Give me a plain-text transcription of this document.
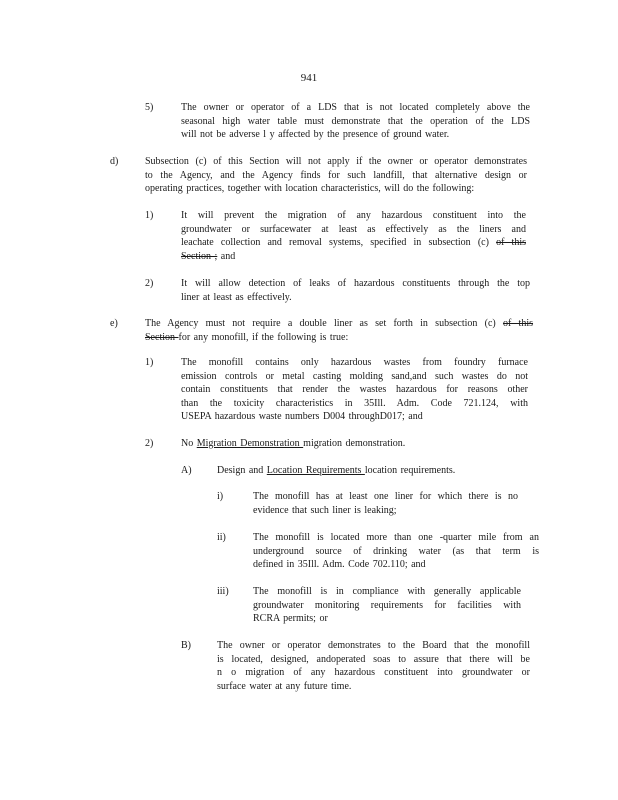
941
5)	The owner or operator of a LDS that is not located completely above the
seasonal high water table must demonstrate that the operation of the LDS
will not be adverse l y affected by the presence of ground water.
d)	Subsection (c) of this Section will not apply if the owner or operator demonstrates
to the Agency, and the Agency finds for such landfill, that alternative design or
operating practices, together with location characteristics, will do the following:
1)	It will prevent the migration of any hazardous constituent into the
groundwater or surfacewater at least as effectively as the liners and
leachate collection and removal systems, specified in subsection (c) of this
Section ; and
2)	It will allow detection of leaks of hazardous constituents through the top
liner at least as effectively.
e)	The Agency must not require a double liner as set forth in subsection (c) of this
Section for any monofill, if the following is true:
1)	The monofill contains only hazardous wastes from foundry furnace
emission controls or metal casting molding sand,and such wastes do not
contain constituents that render the wastes hazardous for reasons other
than the toxicity characteristics in 35Ill. Adm. Code 721.124, with
USEPA hazardous waste numbers D004 throughD017; and
2)	No Migration Demonstration migration demonstration.
A)	Design and Location Requirements location requirements.
i)	The monofill has at least one liner for which there is no
evidence that such liner is leaking;
ii)	The monofill is located more than one -quarter mile from an
underground source of drinking water (as that term is
defined in 35Ill. Adm. Code 702.110; and
iii) The monofill is in compliance with generally applicable
groundwater monitoring requirements for facilities with
RCRA permits; or
B)	The owner or operator demonstrates to the Board that the monofill
is located, designed, andoperated soas to assure that there will be
n o migration of any hazardous constituent into groundwater or
surface water at any future time.
